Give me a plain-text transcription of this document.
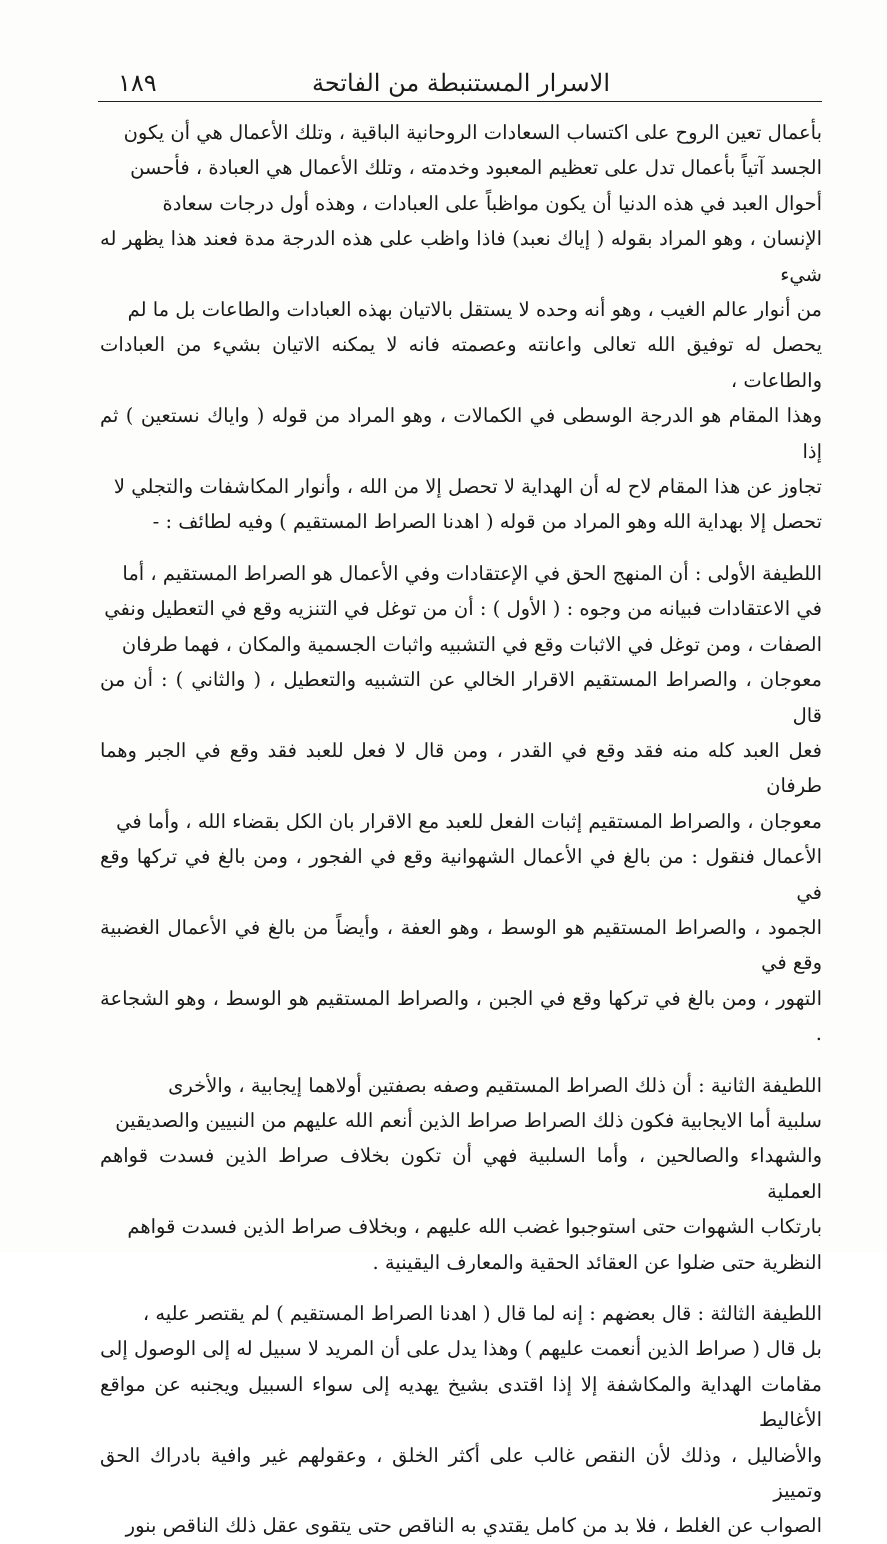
الاسرار المستنبطة من الفاتحة
١٨٩

بأعمال تعين الروح على اكتساب السعادات الروحانية الباقية ، وتلك الأعمال هي أن يكون
الجسد آتياً بأعمال تدل على تعظيم المعبود وخدمته ، وتلك الأعمال هي العبادة ، فأحسن
أحوال العبد في هذه الدنيا أن يكون مواظباً على العبادات ، وهذه أول درجات سعادة
الإنسان ، وهو المراد بقوله ( إياك نعبد) فاذا واظب على هذه الدرجة مدة فعند هذا يظهر له شيء
من أنوار عالم الغيب ، وهو أنه وحده لا يستقل بالاتيان بهذه العبادات والطاعات بل ما لم
يحصل له توفيق الله تعالى واعانته وعصمته فانه لا يمكنه الاتيان بشيء من العبادات والطاعات ،
وهذا المقام هو الدرجة الوسطى في الكمالات ، وهو المراد من قوله ( واياك نستعين ) ثم إذا
تجاوز عن هذا المقام لاح له أن الهداية لا تحصل إلا من الله ، وأنوار المكاشفات والتجلي لا
تحصل إلا بهداية الله وهو المراد من قوله ( اهدنا الصراط المستقيم ) وفيه لطائف : -

اللطيفة الأولى : أن المنهج الحق في الإعتقادات وفي الأعمال هو الصراط المستقيم ، أما
في الاعتقادات فبيانه من وجوه : ( الأول ) : أن من توغل في التنزيه وقع في التعطيل ونفي
الصفات ، ومن توغل في الاثبات وقع في التشبيه واثبات الجسمية والمكان ، فهما طرفان
معوجان ، والصراط المستقيم الاقرار الخالي عن التشبيه والتعطيل ، ( والثاني ) : أن من قال
فعل العبد كله منه فقد وقع في القدر ، ومن قال لا فعل للعبد فقد وقع في الجبر وهما طرفان
معوجان ، والصراط المستقيم إثبات الفعل للعبد مع الاقرار بان الكل بقضاء الله ، وأما في
الأعمال فنقول : من بالغ في الأعمال الشهوانية وقع في الفجور ، ومن بالغ في تركها وقع في
الجمود ، والصراط المستقيم هو الوسط ، وهو العفة ، وأيضاً من بالغ في الأعمال الغضبية وقع في
التهور ، ومن بالغ في تركها وقع في الجبن ، والصراط المستقيم هو الوسط ، وهو الشجاعة .

اللطيفة الثانية : أن ذلك الصراط المستقيم وصفه بصفتين أولاهما إيجابية ، والأخرى
سلبية أما الايجابية فكون ذلك الصراط صراط الذين أنعم الله عليهم من النبيين والصديقين
والشهداء والصالحين ، وأما السلبية فهي أن تكون بخلاف صراط الذين فسدت قواهم العملية
بارتكاب الشهوات حتى استوجبوا غضب الله عليهم ، وبخلاف صراط الذين فسدت قواهم
النظرية حتى ضلوا عن العقائد الحقية والمعارف اليقينية .

اللطيفة الثالثة : قال بعضهم : إنه لما قال ( اهدنا الصراط المستقيم ) لم يقتصر عليه ،
بل قال ( صراط الذين أنعمت عليهم ) وهذا يدل على أن المريد لا سبيل له إلى الوصول إلى
مقامات الهداية والمكاشفة إلا إذا اقتدى بشيخ يهديه إلى سواء السبيل ويجنبه عن مواقع الأغاليط
والأضاليل ، وذلك لأن النقص غالب على أكثر الخلق ، وعقولهم غير وافية بادراك الحق وتمييز
الصواب عن الغلط ، فلا بد من كامل يقتدي به الناقص حتى يتقوى عقل ذلك الناقص بنور
